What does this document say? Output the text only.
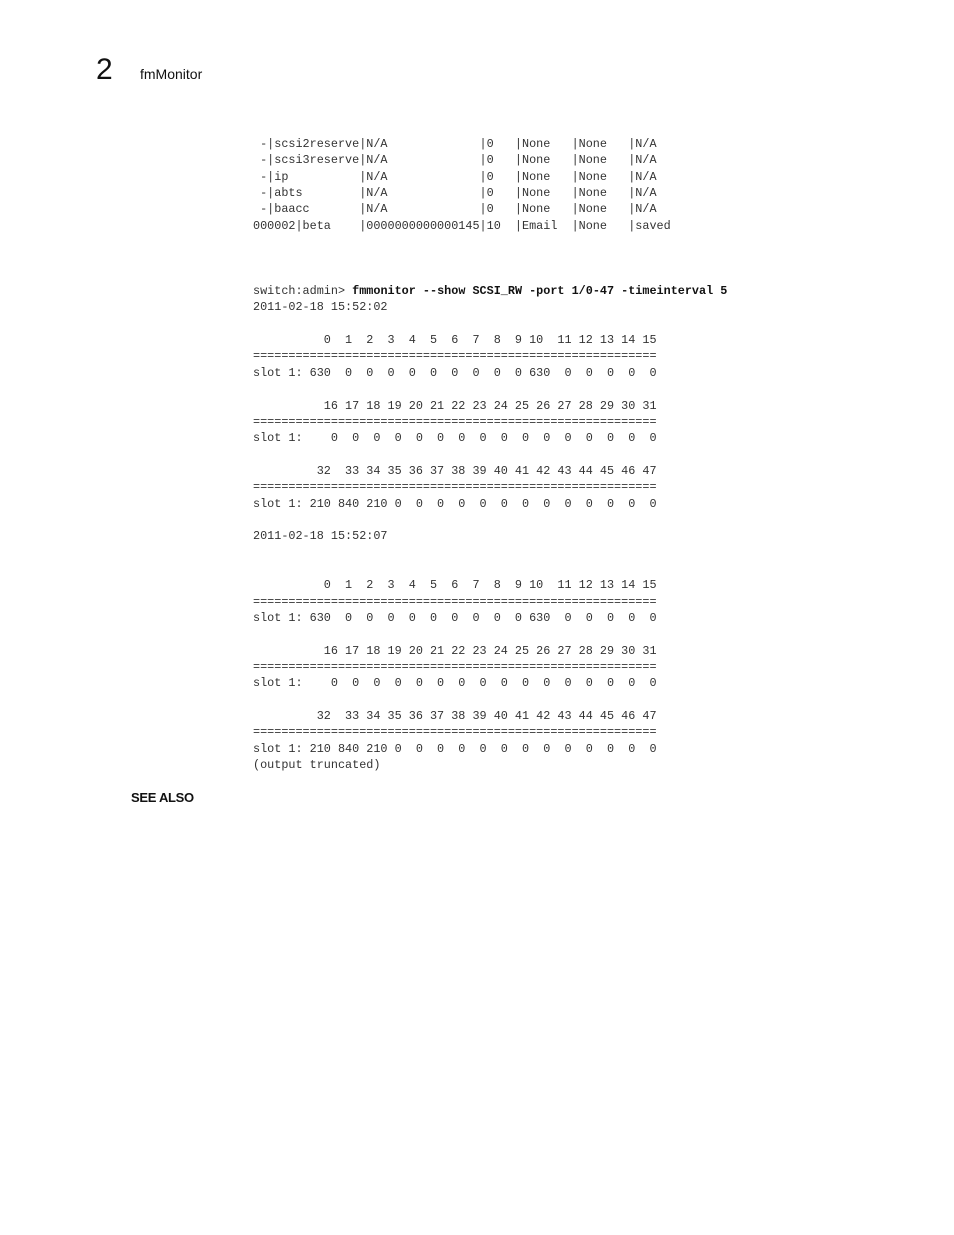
2 fmMonitor
-|scsi2reserve|N/A             |0   |None   |None   |N/A
-|scsi3reserve|N/A             |0   |None   |None   |N/A
-|ip          |N/A             |0   |None   |None   |N/A
-|abts        |N/A             |0   |None   |None   |N/A
-|baacc       |N/A             |0   |None   |None   |N/A
000002|beta    |0000000000000145|10  |Email  |None   |saved
switch:admin> fmmonitor --show SCSI_RW -port 1/0-47 -timeinterval 5
2011-02-18 15:52:02
0  1  2  3  4  5  6  7  8  9 10  11 12 13 14 15
=========================================================
slot 1: 630  0  0  0  0  0  0  0  0  0 630  0  0  0  0  0
16 17 18 19 20 21 22 23 24 25 26 27 28 29 30 31
=========================================================
slot 1:    0  0  0  0  0  0  0  0  0  0  0  0  0  0  0  0
32  33 34 35 36 37 38 39 40 41 42 43 44 45 46 47
=========================================================
slot 1: 210 840 210 0  0  0  0  0  0  0  0  0  0  0  0  0
2011-02-18 15:52:07
0  1  2  3  4  5  6  7  8  9 10  11 12 13 14 15
=========================================================
slot 1: 630  0  0  0  0  0  0  0  0  0 630  0  0  0  0  0
16 17 18 19 20 21 22 23 24 25 26 27 28 29 30 31
=========================================================
slot 1:    0  0  0  0  0  0  0  0  0  0  0  0  0  0  0  0
32  33 34 35 36 37 38 39 40 41 42 43 44 45 46 47
=========================================================
slot 1: 210 840 210 0  0  0  0  0  0  0  0  0  0  0  0  0
(output truncated)
SEE ALSO
